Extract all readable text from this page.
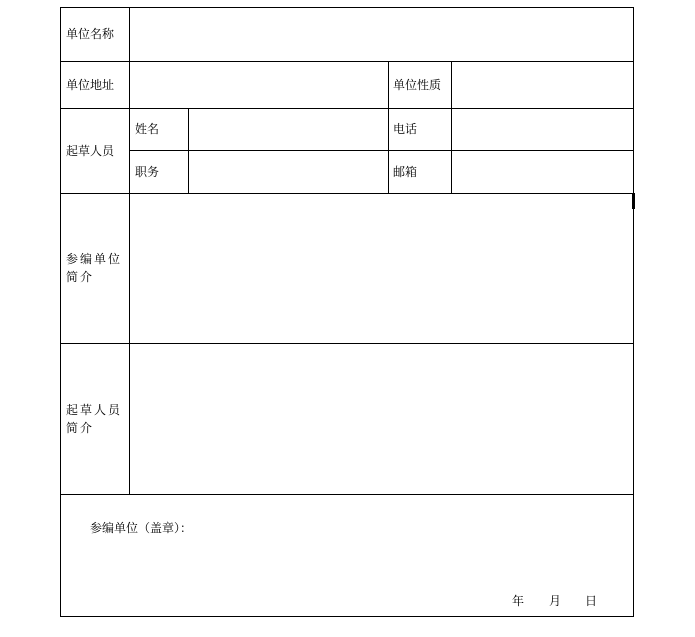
单位名称
单位地址	单位性质
起草人员
姓名	电话
职务	邮箱
参编单位简介
起草人员简介
参编单位（盖章）：
年 月 日
